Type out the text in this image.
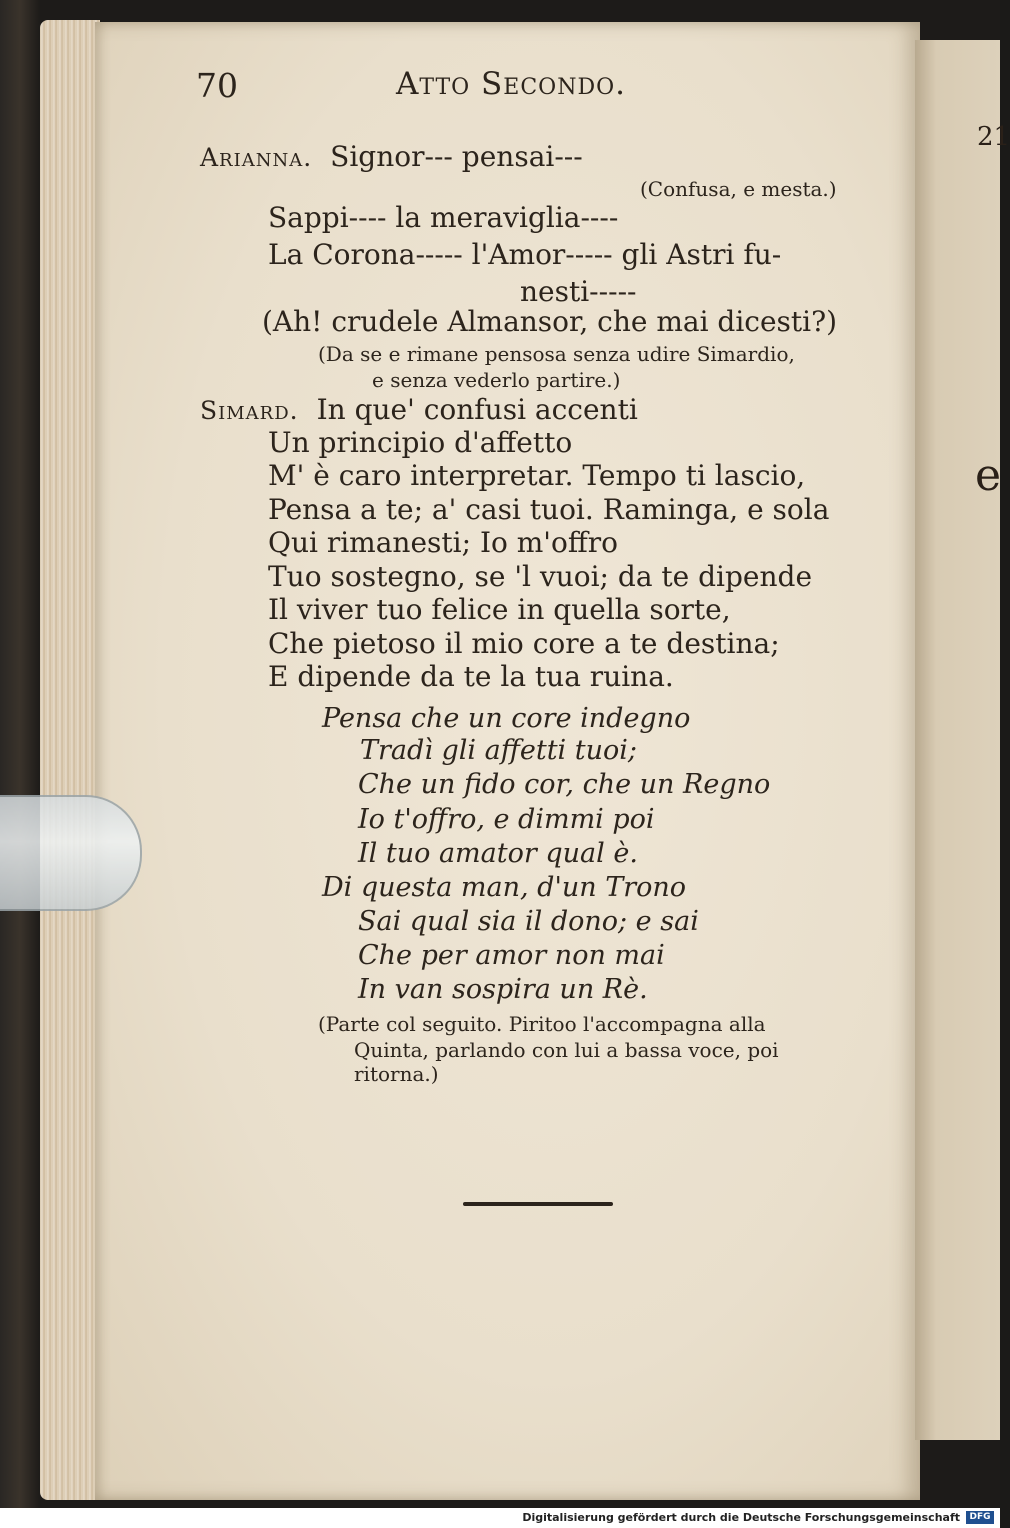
21
e
70	Atto Secondo.
Arianna. Signor--- pensai---
(Confusa, e mesta.)
Sappi---- la meraviglia----
La Corona----- l'Amor----- gli Astri fu-
nesti-----
(Ah! crudele Almansor, che mai dicesti?)
(Da se e rimane pensosa senza udire Simardio,
e senza vederlo partire.)
Simard. In que' confusi accenti
Un principio d'affetto
M' è caro interpretar. Tempo ti lascio,
Pensa a te; a' casi tuoi. Raminga, e sola
Qui rimanesti; Io m'offro
Tuo sostegno, se 'l vuoi; da te dipende
Il viver tuo felice in quella sorte,
Che pietoso il mio core a te destina;
E dipende da te la tua ruina.
Pensa che un core indegno
Tradì gli affetti tuoi;
Che un fido cor, che un Regno
Io t'offro, e dimmi poi
Il tuo amator qual è.
Di questa man, d'un Trono
Sai qual sia il dono; e sai
Che per amor non mai
In van sospira un Rè.
(Parte col seguito. Piritoo l'accompagna alla
Quinta, parlando con lui a bassa voce, poi
ritorna.)
Digitalisierung gefördert durch die Deutsche Forschungsgemeinschaft	DFG
